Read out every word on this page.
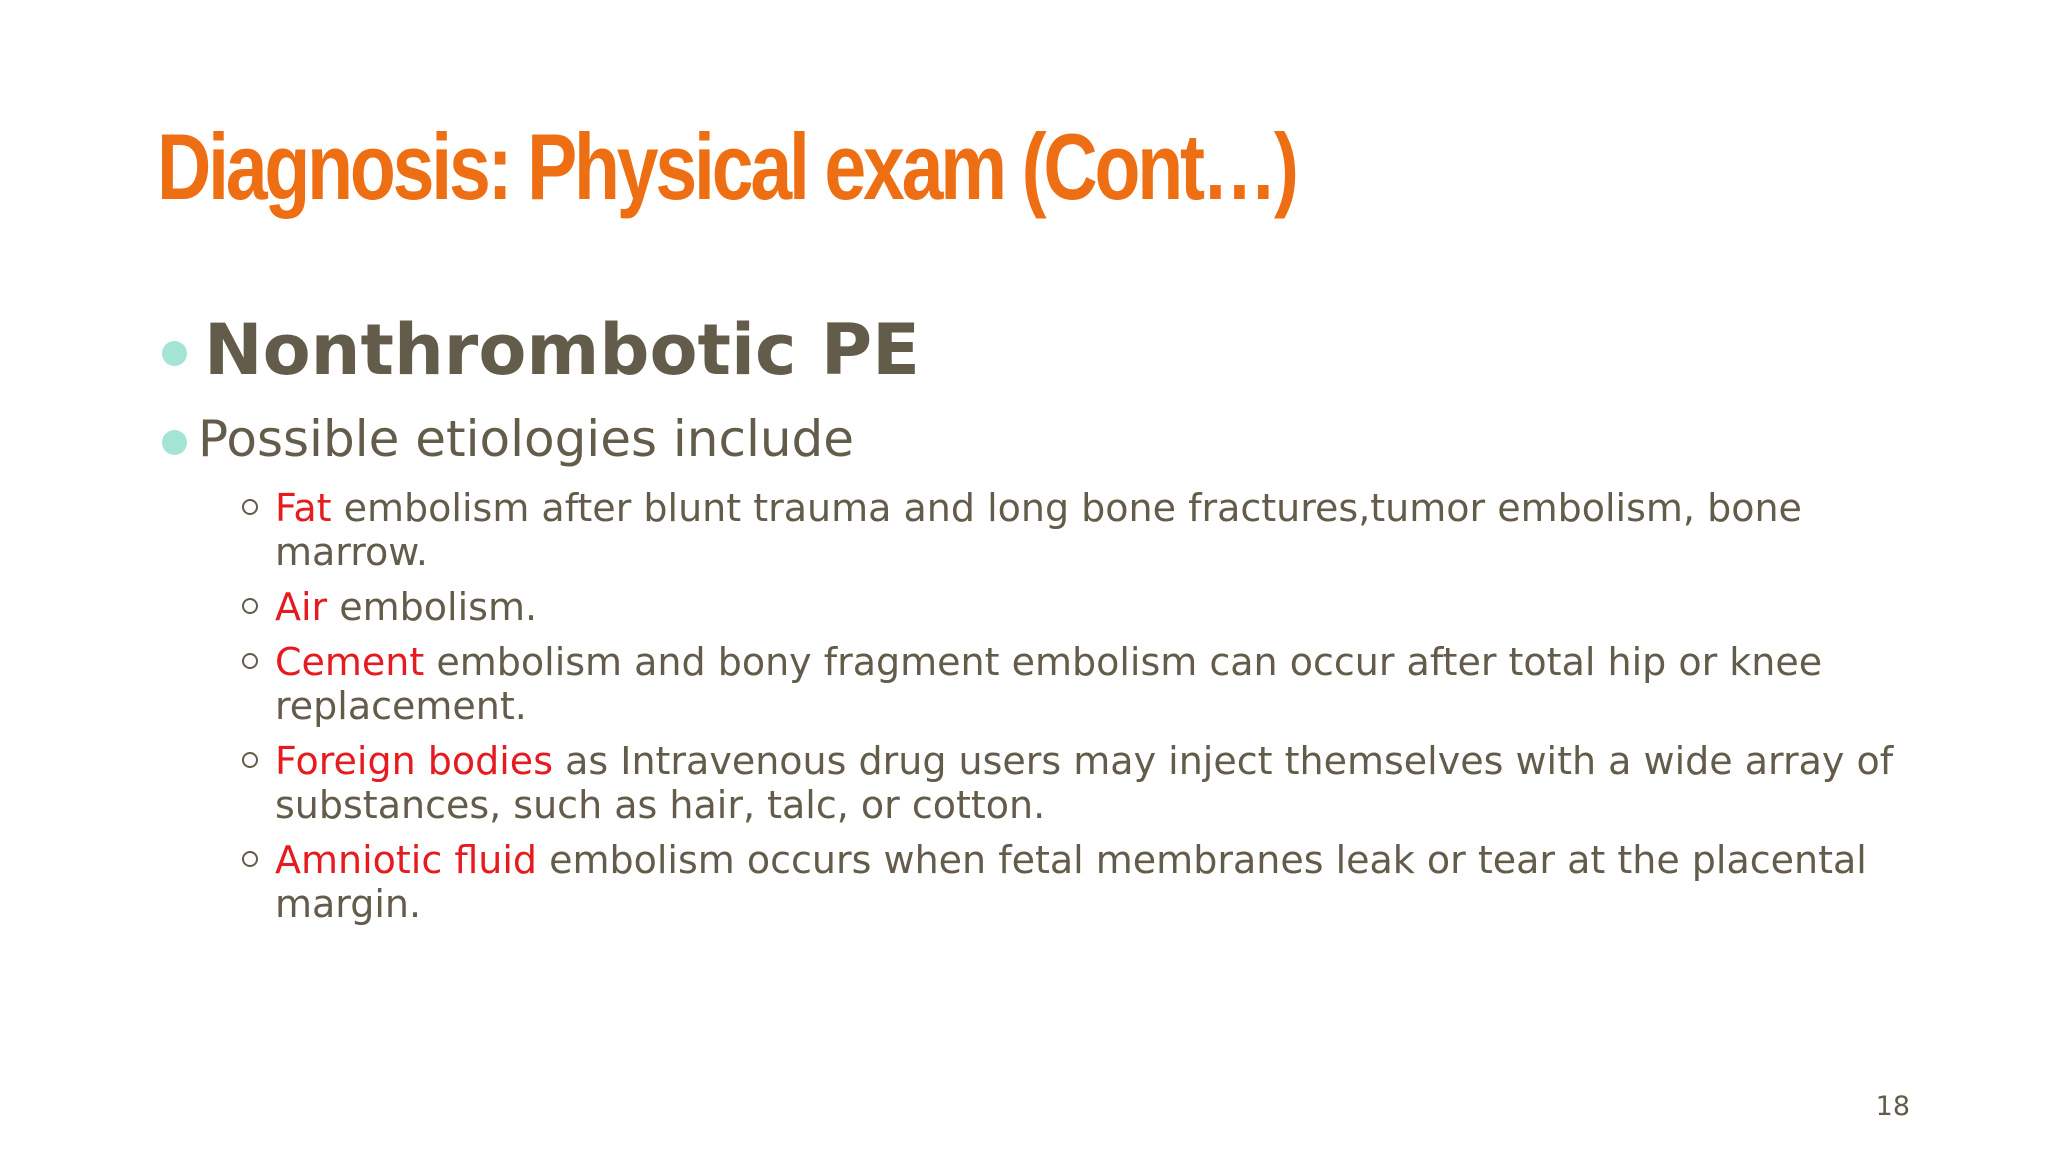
Diagnosis: Physical exam (Cont…)
Nonthrombotic PE
Possible etiologies include
Fat embolism after blunt trauma and long bone fractures,tumor embolism, bone marrow.
Air embolism.
Cement embolism and bony fragment embolism can occur after total hip or knee replacement.
Foreign bodies as Intravenous drug users may inject themselves with a wide array of substances, such as hair, talc, or cotton.
Amniotic fluid embolism occurs when fetal membranes leak or tear at the placental margin.
18
